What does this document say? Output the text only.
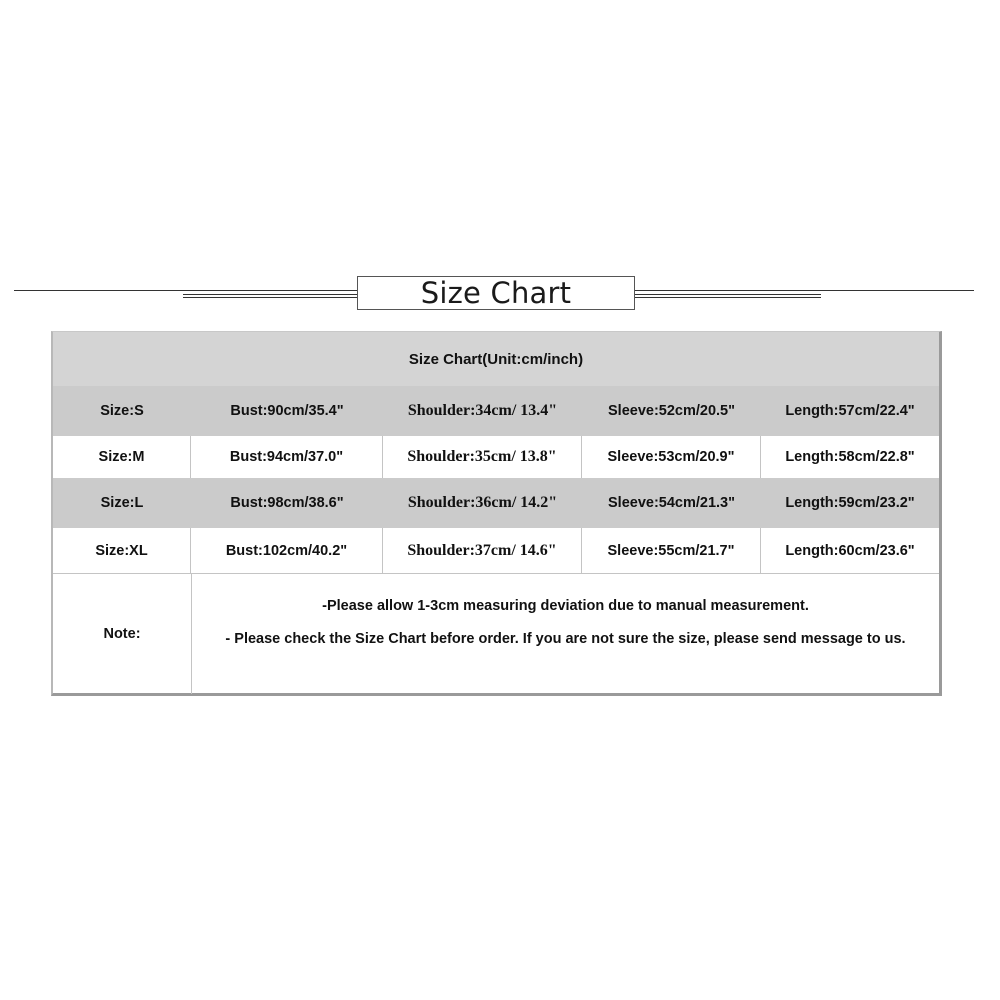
Size Chart
Size Chart(Unit:cm/inch)
Size:S	Bust:90cm/35.4"	Shoulder:34cm/ 13.4"	Sleeve:52cm/20.5"	Length:57cm/22.4"
Size:M	Bust:94cm/37.0"	Shoulder:35cm/ 13.8"	Sleeve:53cm/20.9"	Length:58cm/22.8"
Size:L	Bust:98cm/38.6"	Shoulder:36cm/ 14.2"	Sleeve:54cm/21.3"	Length:59cm/23.2"
Size:XL	Bust:102cm/40.2"	Shoulder:37cm/ 14.6"	Sleeve:55cm/21.7"	Length:60cm/23.6"
Note:
-Please allow 1-3cm measuring deviation due to manual measurement.
- Please check the Size Chart before order. If you are not sure the size, please send message to us.
